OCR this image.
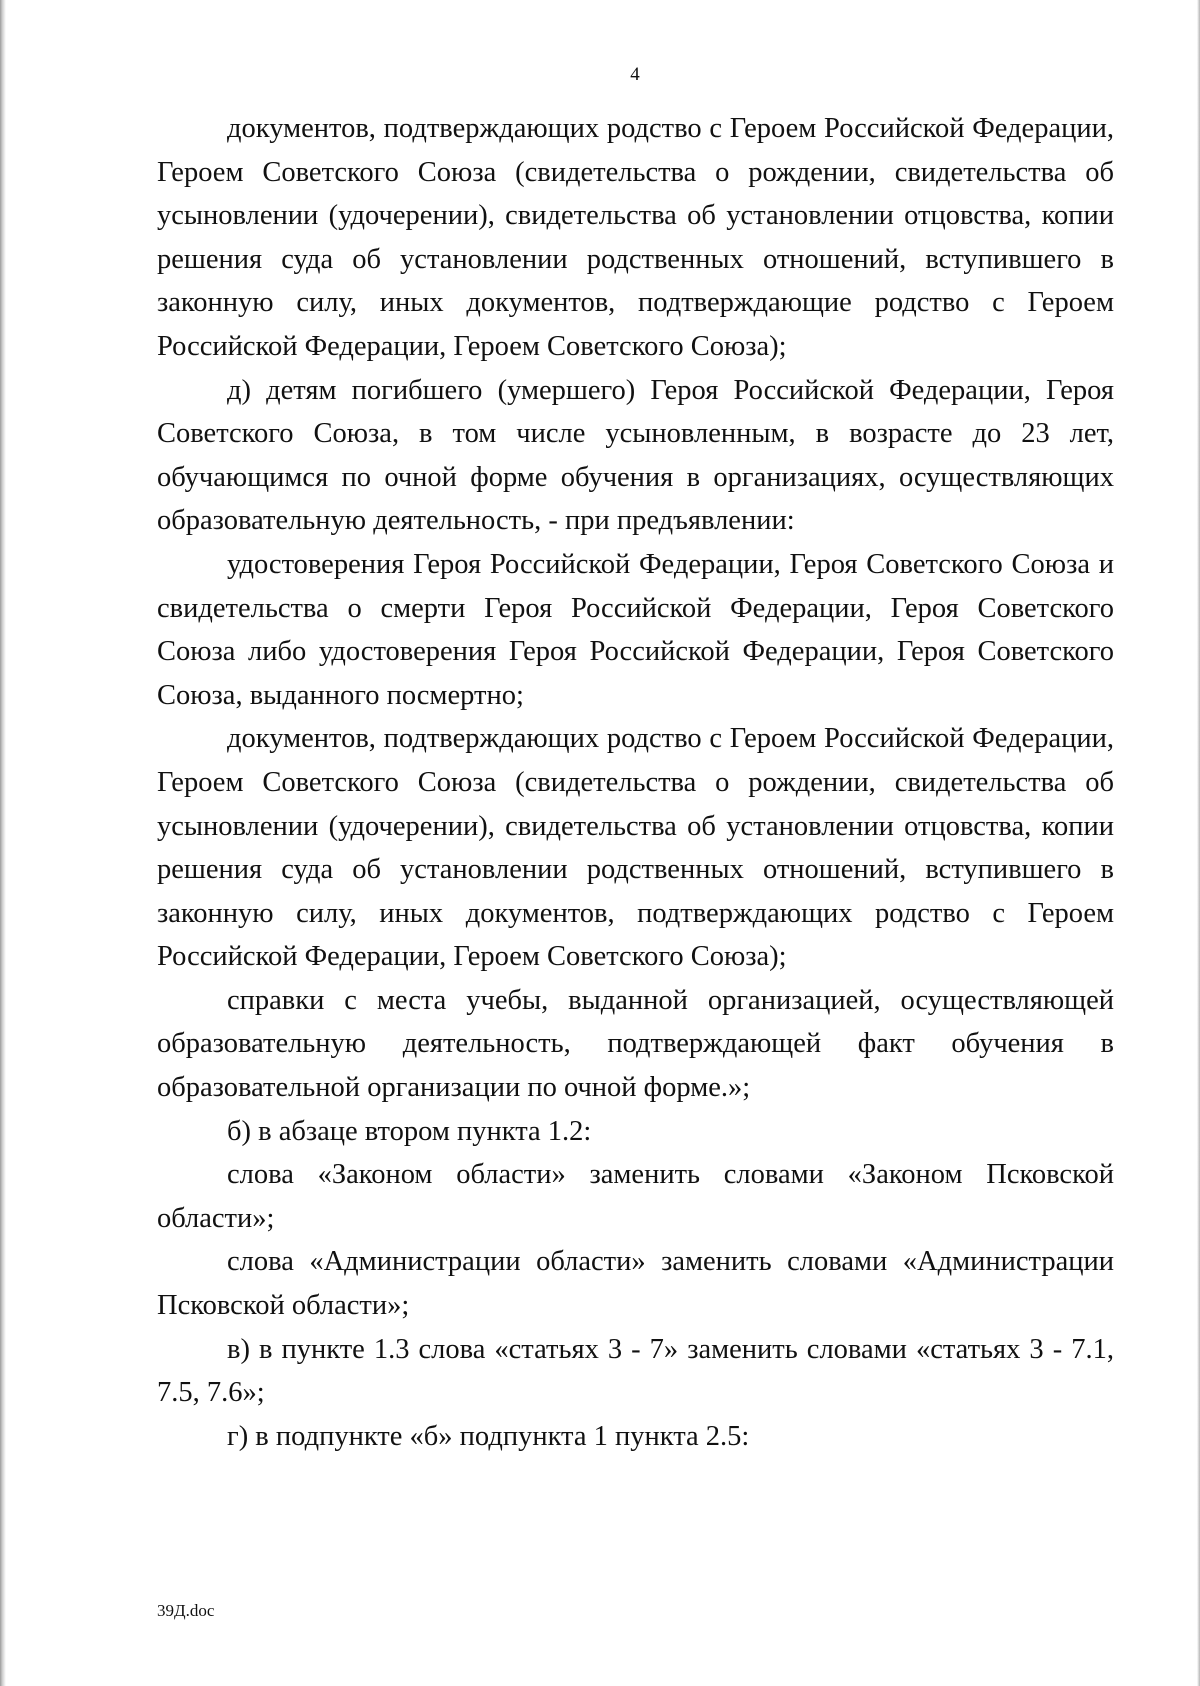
4

документов, подтверждающих родство с Героем Российской Федерации, Героем Советского Союза (свидетельства о рождении, свидетельства об усыновлении (удочерении), свидетельства об установлении отцовства, копии решения суда об установлении родственных отношений, вступившего в законную силу, иных документов, подтверждающие родство с Героем Российской Федерации, Героем Советского Союза);

д) детям погибшего (умершего) Героя Российской Федерации, Героя Советского Союза, в том числе усыновленным, в возрасте до 23 лет, обучающимся по очной форме обучения в организациях, осуществляющих образовательную деятельность, - при предъявлении:

удостоверения Героя Российской Федерации, Героя Советского Союза и свидетельства о смерти Героя Российской Федерации, Героя Советского Союза либо удостоверения Героя Российской Федерации, Героя Советского Союза, выданного посмертно;

документов, подтверждающих родство с Героем Российской Федерации, Героем Советского Союза (свидетельства о рождении, свидетельства об усыновлении (удочерении), свидетельства об установлении отцовства, копии решения суда об установлении родственных отношений, вступившего в законную силу, иных документов, подтверждающих родство с Героем Российской Федерации, Героем Советского Союза);

справки с места учебы, выданной организацией, осуществляющей образовательную деятельность, подтверждающей факт обучения в образовательной организации по очной форме.»;

б) в абзаце втором пункта 1.2:

слова «Законом области» заменить словами «Законом Псковской области»;

слова «Администрации области» заменить словами «Администрации Псковской области»;

в) в пункте 1.3 слова «статьях 3 - 7» заменить словами «статьях 3 - 7.1, 7.5, 7.6»;

г) в подпункте «б» подпункта 1 пункта 2.5:

39Д.doc
